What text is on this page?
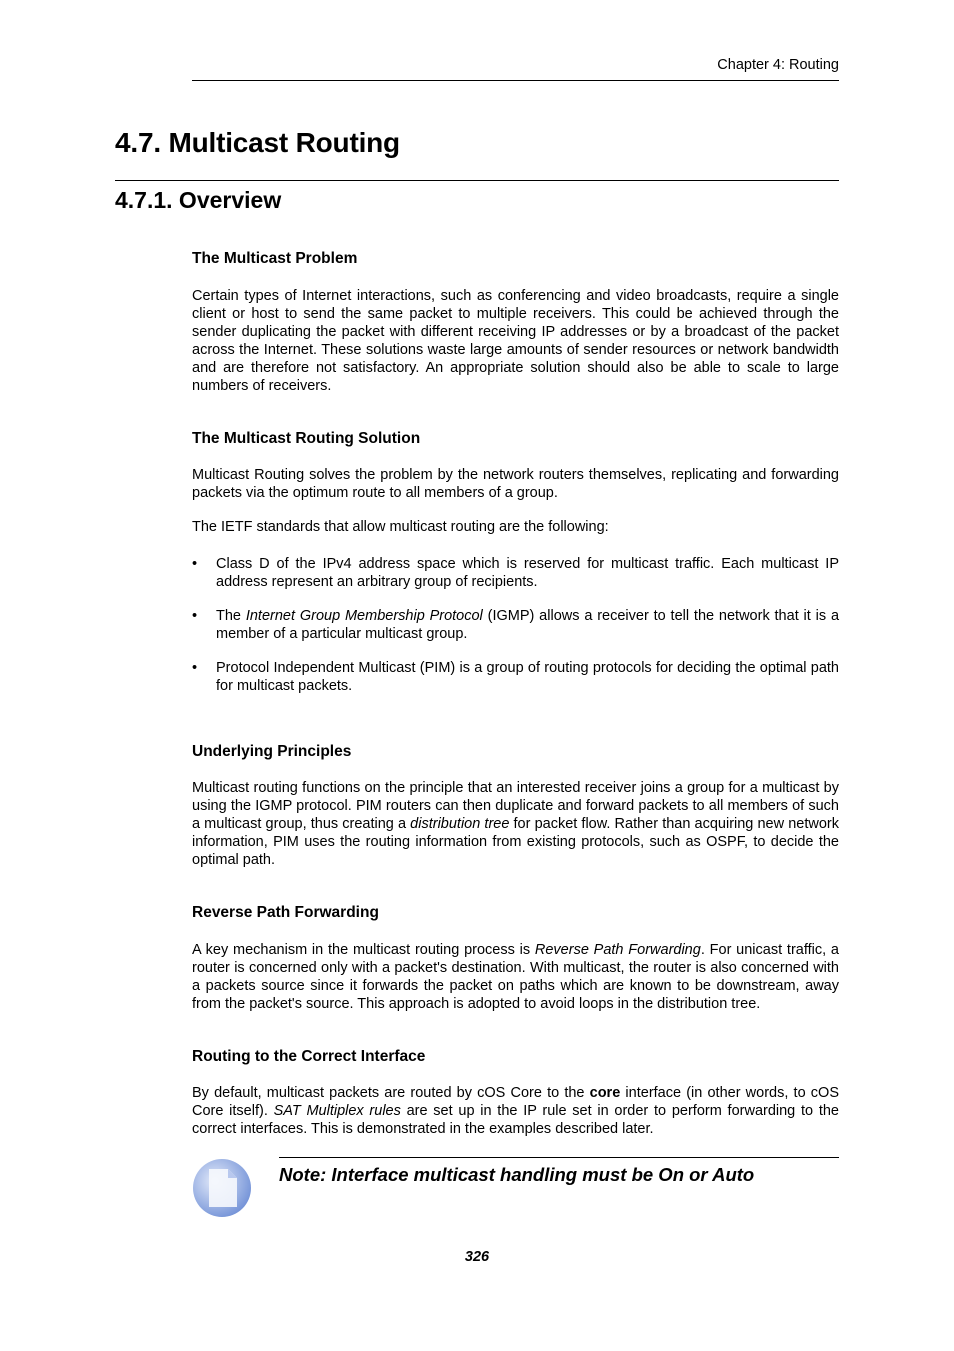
Chapter 4: Routing
4.7. Multicast Routing
4.7.1. Overview
The Multicast Problem
Certain types of Internet interactions, such as conferencing and video broadcasts, require a single client or host to send the same packet to multiple receivers. This could be achieved through the sender duplicating the packet with different receiving IP addresses or by a broadcast of the packet across the Internet. These solutions waste large amounts of sender resources or network bandwidth and are therefore not satisfactory. An appropriate solution should also be able to scale to large numbers of receivers.
The Multicast Routing Solution
Multicast Routing solves the problem by the network routers themselves, replicating and forwarding packets via the optimum route to all members of a group.
The IETF standards that allow multicast routing are the following:
•	Class D of the IPv4 address space which is reserved for multicast traffic. Each multicast IP address represent an arbitrary group of recipients.
•	The Internet Group Membership Protocol (IGMP) allows a receiver to tell the network that it is a member of a particular multicast group.
•	Protocol Independent Multicast (PIM) is a group of routing protocols for deciding the optimal path for multicast packets.
Underlying Principles
Multicast routing functions on the principle that an interested receiver joins a group for a multicast by using the IGMP protocol. PIM routers can then duplicate and forward packets to all members of such a multicast group, thus creating a distribution tree for packet flow. Rather than acquiring new network information, PIM uses the routing information from existing protocols, such as OSPF, to decide the optimal path.
Reverse Path Forwarding
A key mechanism in the multicast routing process is Reverse Path Forwarding. For unicast traffic, a router is concerned only with a packet's destination. With multicast, the router is also concerned with a packets source since it forwards the packet on paths which are known to be downstream, away from the packet's source. This approach is adopted to avoid loops in the distribution tree.
Routing to the Correct Interface
By default, multicast packets are routed by cOS Core to the core interface (in other words, to cOS Core itself). SAT Multiplex rules are set up in the IP rule set in order to perform forwarding to the correct interfaces. This is demonstrated in the examples described later.
Note: Interface multicast handling must be On or Auto
326
